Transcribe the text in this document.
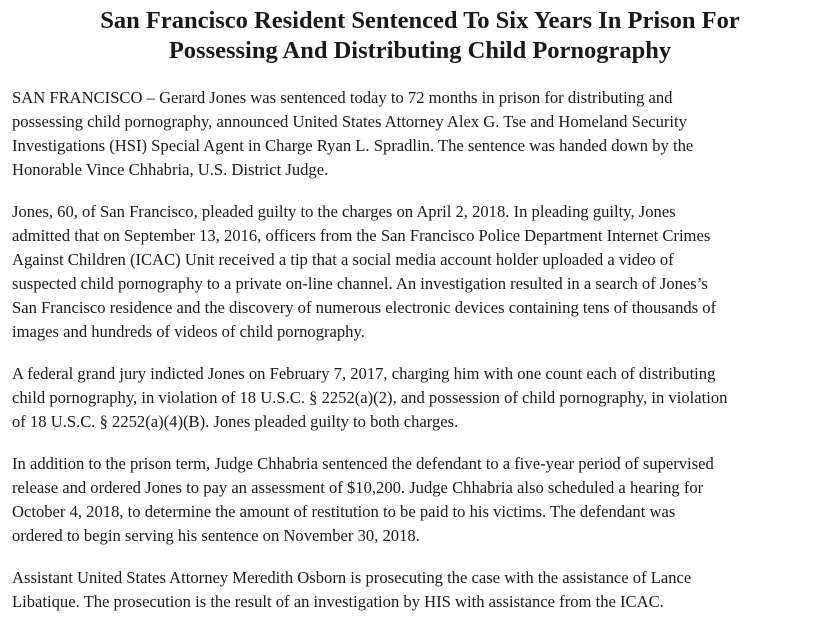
San Francisco Resident Sentenced To Six Years In Prison For
Possessing And Distributing Child Pornography

SAN FRANCISCO – Gerard Jones was sentenced today to 72 months in prison for distributing and
possessing child pornography, announced United States Attorney Alex G. Tse and Homeland Security
Investigations (HSI) Special Agent in Charge Ryan L. Spradlin. The sentence was handed down by the
Honorable Vince Chhabria, U.S. District Judge.

Jones, 60, of San Francisco, pleaded guilty to the charges on April 2, 2018. In pleading guilty, Jones
admitted that on September 13, 2016, officers from the San Francisco Police Department Internet Crimes
Against Children (ICAC) Unit received a tip that a social media account holder uploaded a video of
suspected child pornography to a private on-line channel. An investigation resulted in a search of Jones’s
San Francisco residence and the discovery of numerous electronic devices containing tens of thousands of
images and hundreds of videos of child pornography.

A federal grand jury indicted Jones on February 7, 2017, charging him with one count each of distributing
child pornography, in violation of 18 U.S.C. § 2252(a)(2), and possession of child pornography, in violation
of 18 U.S.C. § 2252(a)(4)(B). Jones pleaded guilty to both charges.

In addition to the prison term, Judge Chhabria sentenced the defendant to a five-year period of supervised
release and ordered Jones to pay an assessment of $10,200. Judge Chhabria also scheduled a hearing for
October 4, 2018, to determine the amount of restitution to be paid to his victims. The defendant was
ordered to begin serving his sentence on November 30, 2018.

Assistant United States Attorney Meredith Osborn is prosecuting the case with the assistance of Lance
Libatique. The prosecution is the result of an investigation by HIS with assistance from the ICAC.
